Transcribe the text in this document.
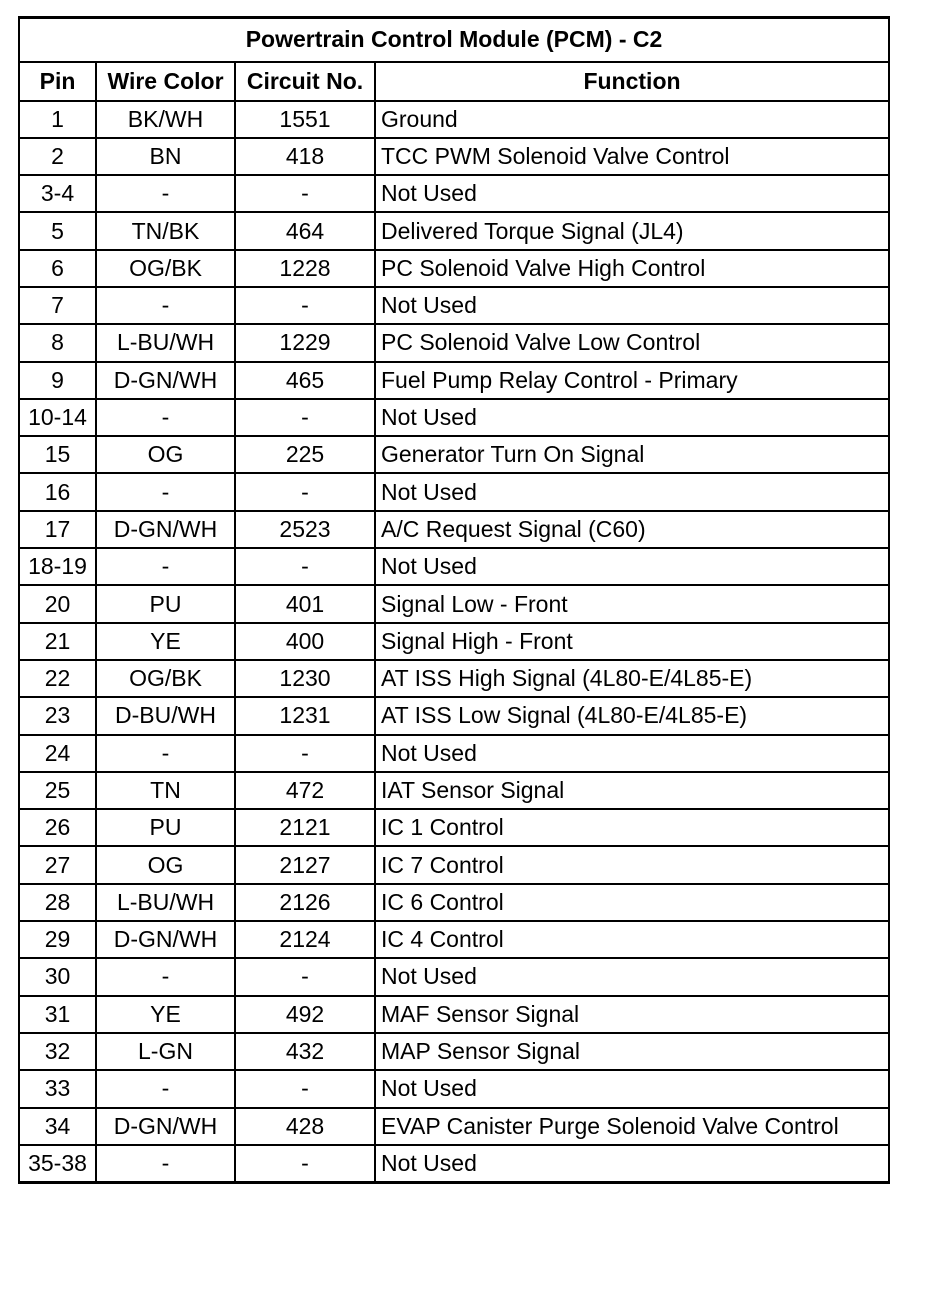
Powertrain Control Module (PCM) - C2			
Pin	Wire Color	Circuit No.	Function
1	BK/WH	1551	Ground
2	BN	418	TCC PWM Solenoid Valve Control
3-4	-	-	Not Used
5	TN/BK	464	Delivered Torque Signal (JL4)
6	OG/BK	1228	PC Solenoid Valve High Control
7	-	-	Not Used
8	L-BU/WH	1229	PC Solenoid Valve Low Control
9	D-GN/WH	465	Fuel Pump Relay Control - Primary
10-14	-	-	Not Used
15	OG	225	Generator Turn On Signal
16	-	-	Not Used
17	D-GN/WH	2523	A/C Request Signal (C60)
18-19	-	-	Not Used
20	PU	401	Signal Low - Front
21	YE	400	Signal High - Front
22	OG/BK	1230	AT ISS High Signal (4L80-E/4L85-E)
23	D-BU/WH	1231	AT ISS Low Signal (4L80-E/4L85-E)
24	-	-	Not Used
25	TN	472	IAT Sensor Signal
26	PU	2121	IC 1 Control
27	OG	2127	IC 7 Control
28	L-BU/WH	2126	IC 6 Control
29	D-GN/WH	2124	IC 4 Control
30	-	-	Not Used
31	YE	492	MAF Sensor Signal
32	L-GN	432	MAP Sensor Signal
33	-	-	Not Used
34	D-GN/WH	428	EVAP Canister Purge Solenoid Valve Control
35-38	-	-	Not Used
